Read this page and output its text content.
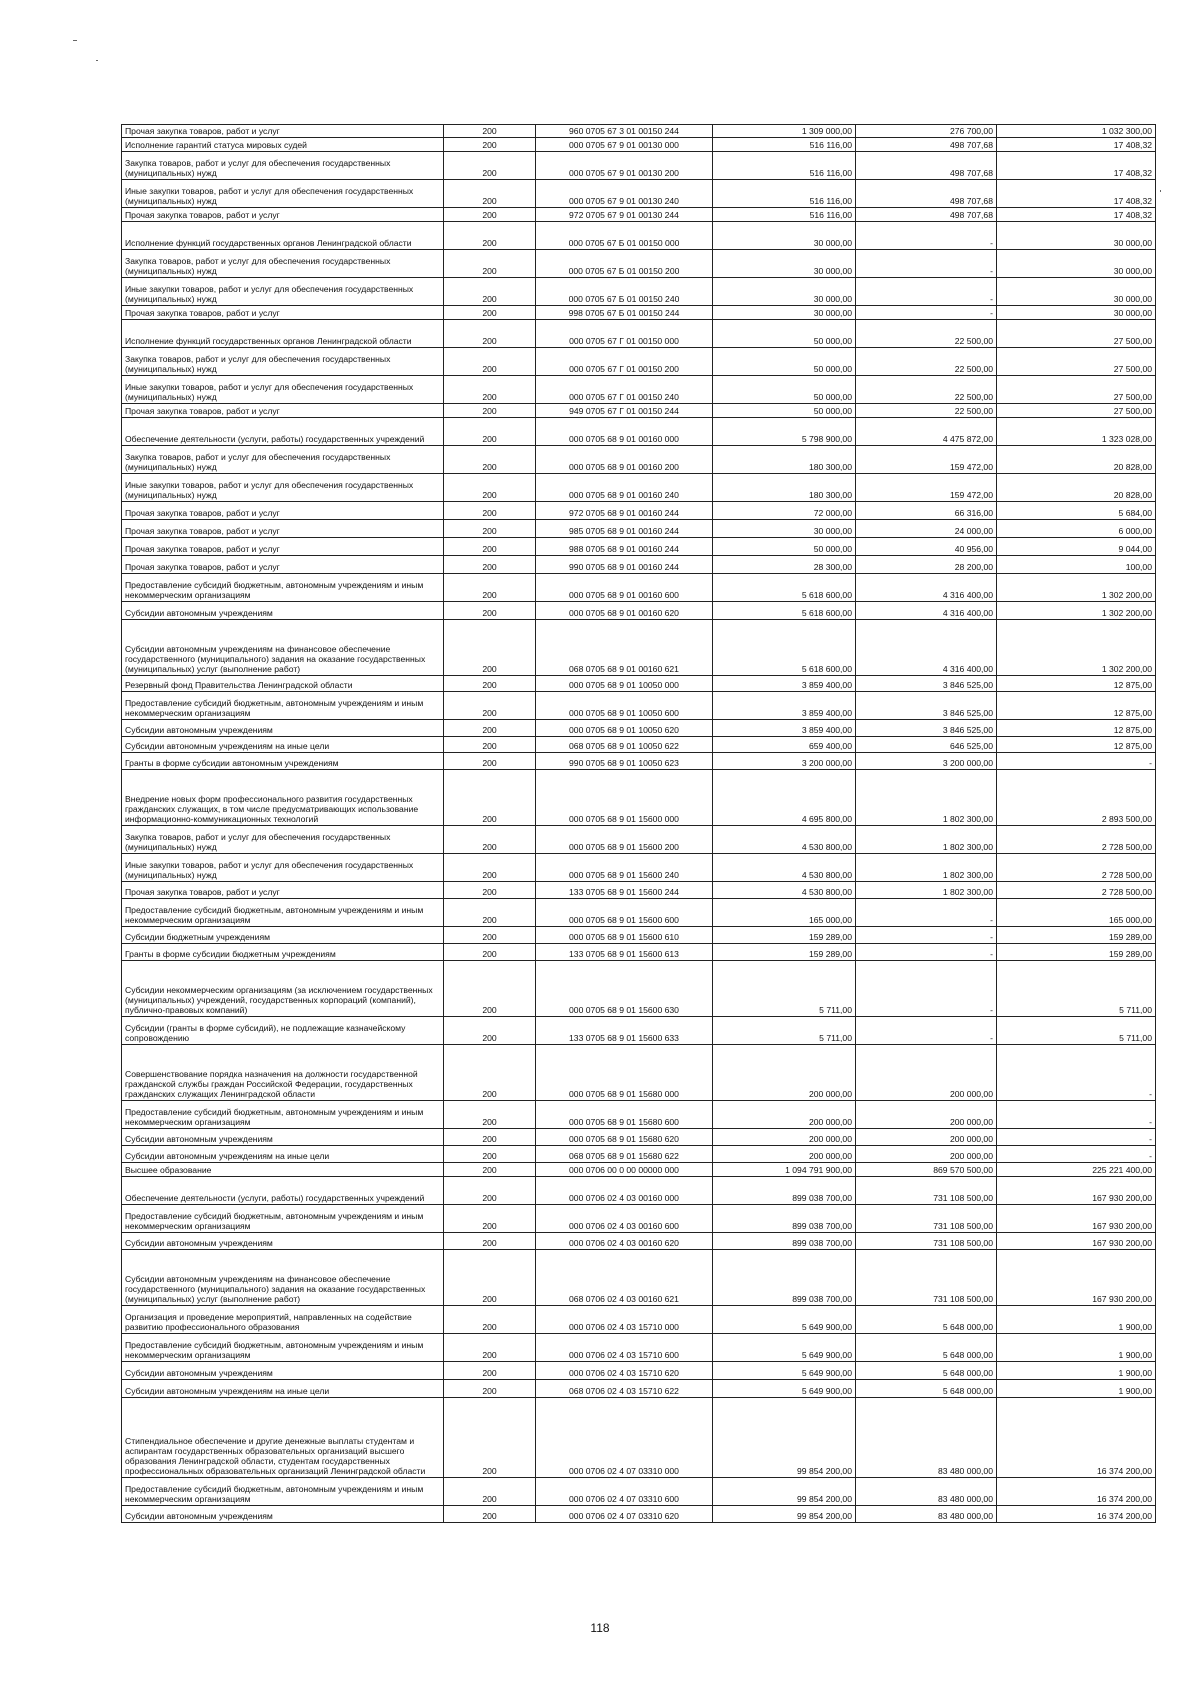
Прочая закупка товаров, работ и услуг	200	960 0705 67 3 01 00150 244	1 309 000,00	276 700,00	1 032 300,00
Исполнение гарантий статуса мировых судей	200	000 0705 67 9 01 00130 000	516 116,00	498 707,68	17 408,32
Закупка товаров, работ и услуг для обеспечения государственных (муниципальных) нужд	200	000 0705 67 9 01 00130 200	516 116,00	498 707,68	17 408,32
Иные закупки товаров, работ и услуг для обеспечения государственных (муниципальных) нужд	200	000 0705 67 9 01 00130 240	516 116,00	498 707,68	17 408,32
Прочая закупка товаров, работ и услуг	200	972 0705 67 9 01 00130 244	516 116,00	498 707,68	17 408,32
Исполнение функций государственных органов Ленинградской области	200	000 0705 67 Б 01 00150 000	30 000,00	-	30 000,00
Закупка товаров, работ и услуг для обеспечения государственных (муниципальных) нужд	200	000 0705 67 Б 01 00150 200	30 000,00	-	30 000,00
Иные закупки товаров, работ и услуг для обеспечения государственных (муниципальных) нужд	200	000 0705 67 Б 01 00150 240	30 000,00	-	30 000,00
Прочая закупка товаров, работ и услуг	200	998 0705 67 Б 01 00150 244	30 000,00	-	30 000,00
Исполнение функций государственных органов Ленинградской области	200	000 0705 67 Г 01 00150 000	50 000,00	22 500,00	27 500,00
Закупка товаров, работ и услуг для обеспечения государственных (муниципальных) нужд	200	000 0705 67 Г 01 00150 200	50 000,00	22 500,00	27 500,00
Иные закупки товаров, работ и услуг для обеспечения государственных (муниципальных) нужд	200	000 0705 67 Г 01 00150 240	50 000,00	22 500,00	27 500,00
Прочая закупка товаров, работ и услуг	200	949 0705 67 Г 01 00150 244	50 000,00	22 500,00	27 500,00
Обеспечение деятельности (услуги, работы) государственных учреждений	200	000 0705 68 9 01 00160 000	5 798 900,00	4 475 872,00	1 323 028,00
Закупка товаров, работ и услуг для обеспечения государственных (муниципальных) нужд	200	000 0705 68 9 01 00160 200	180 300,00	159 472,00	20 828,00
Иные закупки товаров, работ и услуг для обеспечения государственных (муниципальных) нужд	200	000 0705 68 9 01 00160 240	180 300,00	159 472,00	20 828,00
Прочая закупка товаров, работ и услуг	200	972 0705 68 9 01 00160 244	72 000,00	66 316,00	5 684,00
Прочая закупка товаров, работ и услуг	200	985 0705 68 9 01 00160 244	30 000,00	24 000,00	6 000,00
Прочая закупка товаров, работ и услуг	200	988 0705 68 9 01 00160 244	50 000,00	40 956,00	9 044,00
Прочая закупка товаров, работ и услуг	200	990 0705 68 9 01 00160 244	28 300,00	28 200,00	100,00
Предоставление субсидий бюджетным, автономным учреждениям и иным некоммерческим организациям	200	000 0705 68 9 01 00160 600	5 618 600,00	4 316 400,00	1 302 200,00
Субсидии автономным учреждениям	200	000 0705 68 9 01 00160 620	5 618 600,00	4 316 400,00	1 302 200,00
Субсидии автономным учреждениям на финансовое обеспечение государственного (муниципального) задания на оказание государственных (муниципальных) услуг (выполнение работ)	200	068 0705 68 9 01 00160 621	5 618 600,00	4 316 400,00	1 302 200,00
Резервный фонд Правительства Ленинградской области	200	000 0705 68 9 01 10050 000	3 859 400,00	3 846 525,00	12 875,00
Предоставление субсидий бюджетным, автономным учреждениям и иным некоммерческим организациям	200	000 0705 68 9 01 10050 600	3 859 400,00	3 846 525,00	12 875,00
Субсидии автономным учреждениям	200	000 0705 68 9 01 10050 620	3 859 400,00	3 846 525,00	12 875,00
Субсидии автономным учреждениям на иные цели	200	068 0705 68 9 01 10050 622	659 400,00	646 525,00	12 875,00
Гранты в форме субсидии автономным учреждениям	200	990 0705 68 9 01 10050 623	3 200 000,00	3 200 000,00	-
Внедрение новых форм профессионального развития государственных гражданских служащих, в том числе предусматривающих использование информационно-коммуникационных технологий	200	000 0705 68 9 01 15600 000	4 695 800,00	1 802 300,00	2 893 500,00
Закупка товаров, работ и услуг для обеспечения государственных (муниципальных) нужд	200	000 0705 68 9 01 15600 200	4 530 800,00	1 802 300,00	2 728 500,00
Иные закупки товаров, работ и услуг для обеспечения государственных (муниципальных) нужд	200	000 0705 68 9 01 15600 240	4 530 800,00	1 802 300,00	2 728 500,00
Прочая закупка товаров, работ и услуг	200	133 0705 68 9 01 15600 244	4 530 800,00	1 802 300,00	2 728 500,00
Предоставление субсидий бюджетным, автономным учреждениям и иным некоммерческим организациям	200	000 0705 68 9 01 15600 600	165 000,00	-	165 000,00
Субсидии бюджетным учреждениям	200	000 0705 68 9 01 15600 610	159 289,00	-	159 289,00
Гранты в форме субсидии бюджетным учреждениям	200	133 0705 68 9 01 15600 613	159 289,00	-	159 289,00
Субсидии некоммерческим организациям (за исключением государственных (муниципальных) учреждений, государственных корпораций (компаний), публично-правовых компаний)	200	000 0705 68 9 01 15600 630	5 711,00	-	5 711,00
Субсидии (гранты в форме субсидий), не подлежащие казначейскому сопровождению	200	133 0705 68 9 01 15600 633	5 711,00	-	5 711,00
Совершенствование порядка назначения на должности государственной гражданской службы граждан Российской Федерации, государственных гражданских служащих Ленинградской области	200	000 0705 68 9 01 15680 000	200 000,00	200 000,00	-
Предоставление субсидий бюджетным, автономным учреждениям и иным некоммерческим организациям	200	000 0705 68 9 01 15680 600	200 000,00	200 000,00	-
Субсидии автономным учреждениям	200	000 0705 68 9 01 15680 620	200 000,00	200 000,00	-
Субсидии автономным учреждениям на иные цели	200	068 0705 68 9 01 15680 622	200 000,00	200 000,00	-
Высшее образование	200	000 0706 00 0 00 00000 000	1 094 791 900,00	869 570 500,00	225 221 400,00
Обеспечение деятельности (услуги, работы) государственных учреждений	200	000 0706 02 4 03 00160 000	899 038 700,00	731 108 500,00	167 930 200,00
Предоставление субсидий бюджетным, автономным учреждениям и иным некоммерческим организациям	200	000 0706 02 4 03 00160 600	899 038 700,00	731 108 500,00	167 930 200,00
Субсидии автономным учреждениям	200	000 0706 02 4 03 00160 620	899 038 700,00	731 108 500,00	167 930 200,00
Субсидии автономным учреждениям на финансовое обеспечение государственного (муниципального) задания на оказание государственных (муниципальных) услуг (выполнение работ)	200	068 0706 02 4 03 00160 621	899 038 700,00	731 108 500,00	167 930 200,00
Организация и проведение мероприятий, направленных на содействие развитию профессионального образования	200	000 0706 02 4 03 15710 000	5 649 900,00	5 648 000,00	1 900,00
Предоставление субсидий бюджетным, автономным учреждениям и иным некоммерческим организациям	200	000 0706 02 4 03 15710 600	5 649 900,00	5 648 000,00	1 900,00
Субсидии автономным учреждениям	200	000 0706 02 4 03 15710 620	5 649 900,00	5 648 000,00	1 900,00
Субсидии автономным учреждениям на иные цели	200	068 0706 02 4 03 15710 622	5 649 900,00	5 648 000,00	1 900,00
Стипендиальное обеспечение и другие денежные выплаты студентам и аспирантам государственных образовательных организаций высшего образования Ленинградской области, студентам государственных профессиональных образовательных организаций Ленинградской области	200	000 0706 02 4 07 03310 000	99 854 200,00	83 480 000,00	16 374 200,00
Предоставление субсидий бюджетным, автономным учреждениям и иным некоммерческим организациям	200	000 0706 02 4 07 03310 600	99 854 200,00	83 480 000,00	16 374 200,00
Субсидии автономным учреждениям	200	000 0706 02 4 07 03310 620	99 854 200,00	83 480 000,00	16 374 200,00
118
